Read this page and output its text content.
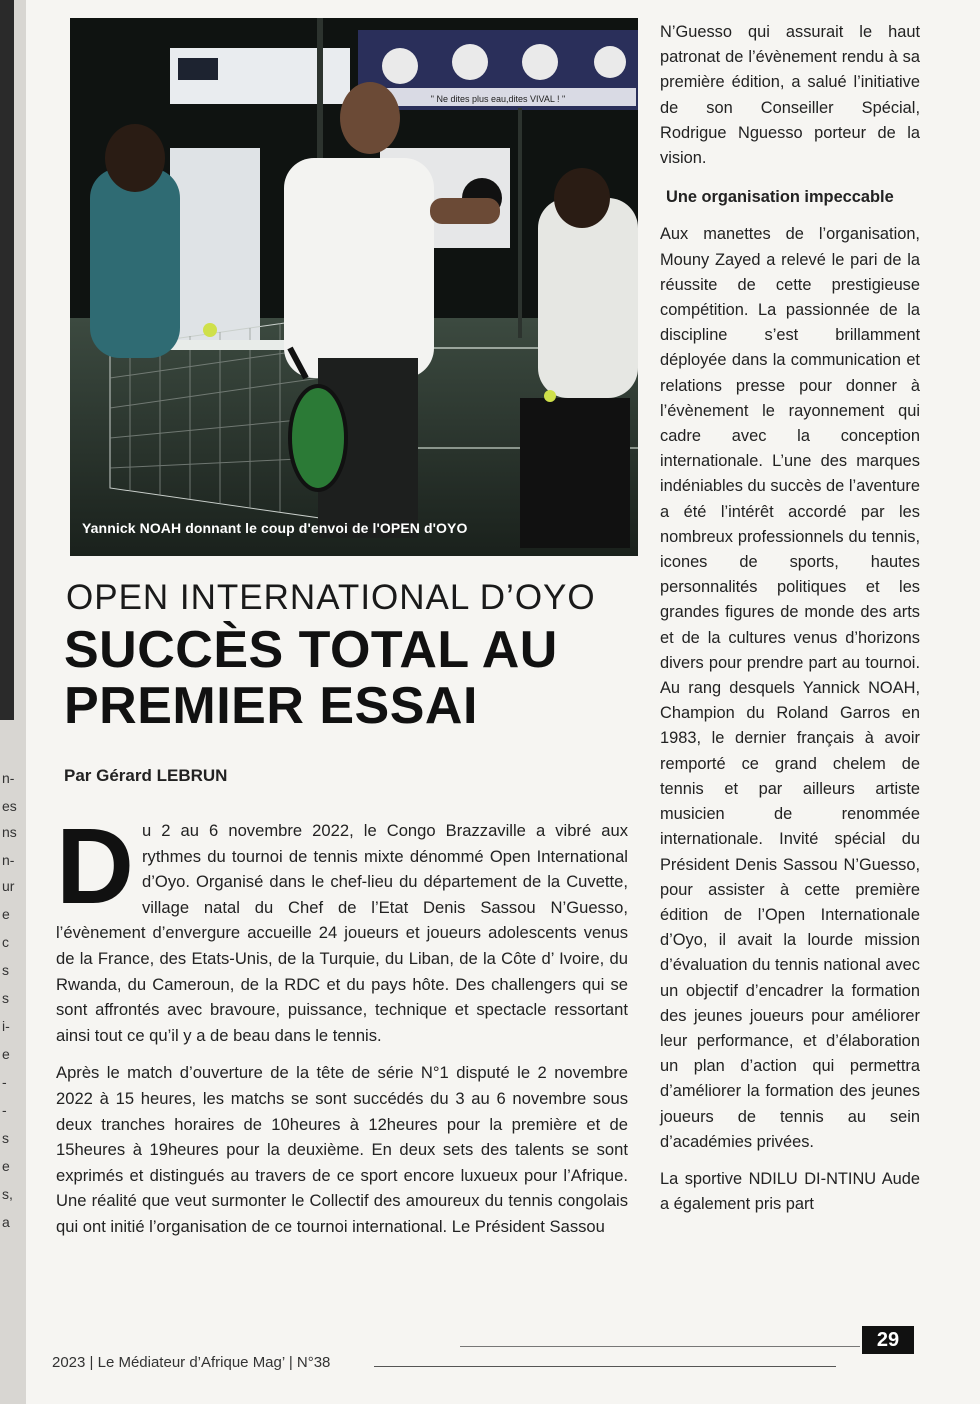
n-
es
ns
n-
ur
e
c
s
s
i-
e
-
-
s
e
s,
a
" Ne dites plus eau,dites VIVAL ! "
Yannick NOAH donnant le coup d'envoi de l'OPEN d'OYO
OPEN INTERNATIONAL D’OYO
SUCCÈS TOTAL AU
PREMIER ESSAI
Par Gérard LEBRUN

Du 2 au 6 novembre 2022, le Congo Brazzaville a vibré aux rythmes du tournoi de tennis mixte dénommé Open International d’Oyo. Organisé dans le chef-lieu du département de la Cuvette, village natal du Chef de l’Etat Denis Sassou N’Guesso, l’évènement d’envergure accueille 24 joueurs et joueurs adolescents venus de la France, des Etats-Unis, de la Turquie, du Liban, de la Côte d’ Ivoire, du Rwanda, du Cameroun, de la RDC et du pays hôte. Des challengers qui se sont affrontés avec bravoure, puissance, technique et spectacle ressortant ainsi tout ce qu’il y a de beau dans le tennis.

Après le match d’ouverture de la tête de série N°1 disputé le 2 novembre 2022 à 15 heures, les matchs se sont succédés du 3 au 6 novembre sous deux tranches horaires de 10heures à 12heures pour la première et de 15heures à 19heures pour la deuxième. En deux sets des talents se sont exprimés et distingués au travers de ce sport encore luxueux pour l’Afrique. Une réalité que veut surmonter le Collectif des amoureux du tennis congolais qui ont initié l’organisation de ce tournoi international. Le Président Sassou

N’Guesso qui assurait le haut patronat de l’évènement rendu à sa première édition, a salué l’initiative de son Conseiller Spécial, Rodrigue Nguesso porteur de la vision.

Une organisation impeccable

Aux manettes de l’organisation, Mouny Zayed a relevé le pari de la réussite de cette prestigieuse compétition. La passionnée de la discipline s’est brillamment déployée dans la communication et relations presse pour donner à l’évènement le rayonnement qui cadre avec la conception internationale. L’une des marques indéniables du succès de l’aventure a été l’intérêt accordé par les nombreux professionnels du tennis, icones de sports, hautes personnalités politiques et les grandes figures de monde des arts et de la cultures venus d’horizons divers pour prendre part au tournoi. Au rang desquels Yannick NOAH, Champion du Roland Garros en 1983, le dernier français à avoir remporté ce grand chelem de tennis et par ailleurs artiste musicien de renommée internationale. Invité spécial du Président Denis Sassou N’Guesso, pour assister à cette première édition de l’Open Internationale d’Oyo, il avait la lourde mission d’évaluation du tennis national avec un objectif d’encadrer la formation des jeunes joueurs pour améliorer leur performance, et d’élaboration un plan d’action qui permettra d’améliorer la formation des jeunes joueurs de tennis au sein d’académies privées.

La sportive NDILU DI-NTINU Aude a également pris part

29
2023 | Le Médiateur d’Afrique Mag’ | N°38
